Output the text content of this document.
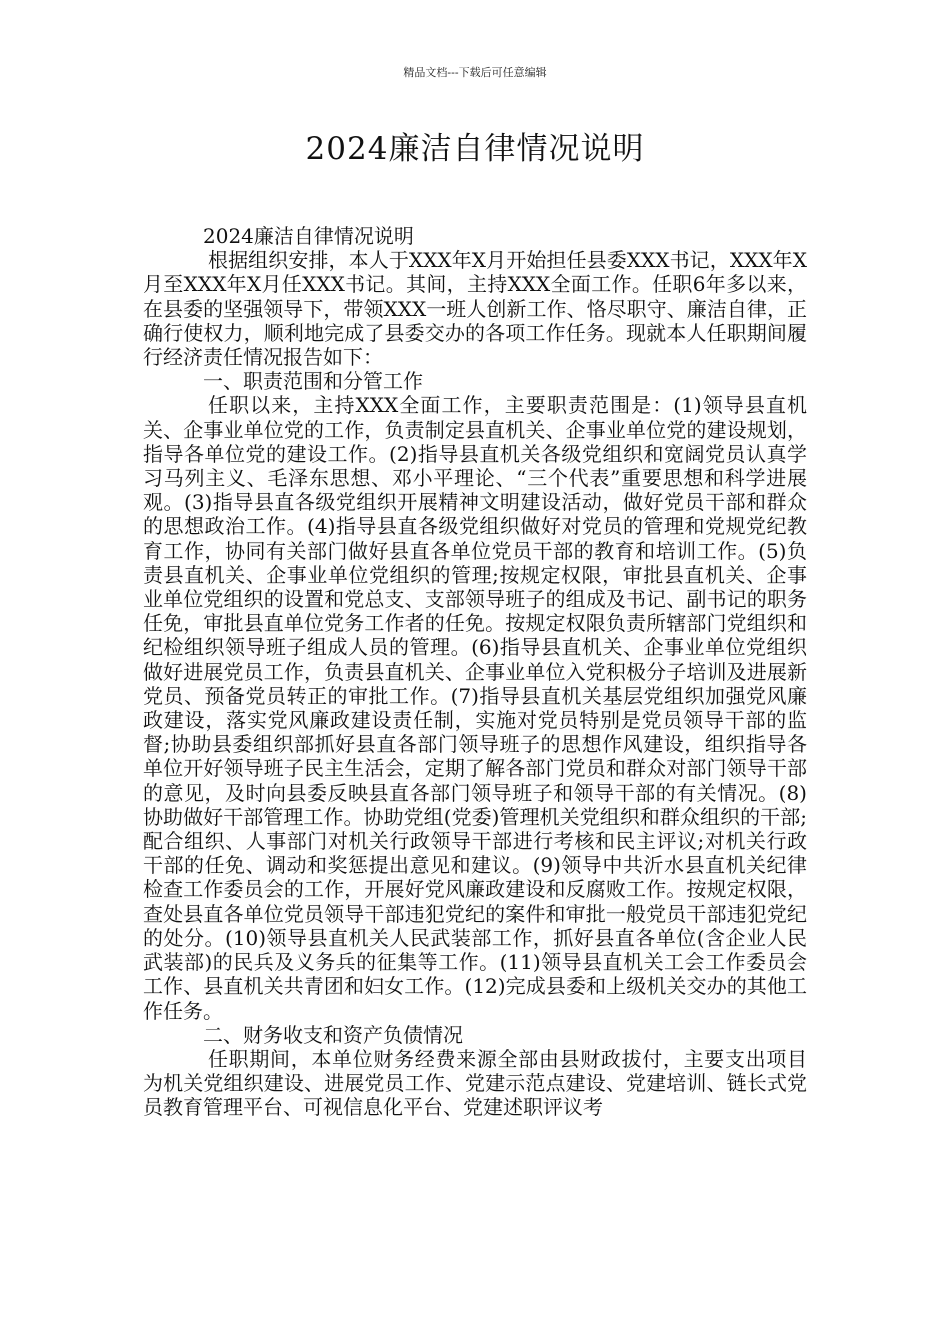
精品文档---下载后可任意编辑
2024廉洁自律情况说明

2024廉洁自律情况说明

根据组织安排，本人于XXX年X月开始担任县委XXX书记，XXX年X月至XXX年X月任XXX书记。其间，主持XXX全面工作。任职6年多以来，在县委的坚强领导下，带领XXX一班人创新工作、恪尽职守、廉洁自律，正确行使权力，顺利地完成了县委交办的各项工作任务。现就本人任职期间履行经济责任情况报告如下：

一、职责范围和分管工作

任职以来，主持XXX全面工作，主要职责范围是：(1)领导县直机关、企事业单位党的工作，负责制定县直机关、企事业单位党的建设规划，指导各单位党的建设工作。(2)指导县直机关各级党组织和宽阔党员认真学习马列主义、毛泽东思想、邓小平理论、“三个代表”重要思想和科学进展观。(3)指导县直各级党组织开展精神文明建设活动，做好党员干部和群众的思想政治工作。(4)指导县直各级党组织做好对党员的管理和党规党纪教育工作，协同有关部门做好县直各单位党员干部的教育和培训工作。(5)负责县直机关、企事业单位党组织的管理;按规定权限，审批县直机关、企事业单位党组织的设置和党总支、支部领导班子的组成及书记、副书记的职务任免，审批县直单位党务工作者的任免。按规定权限负责所辖部门党组织和纪检组织领导班子组成人员的管理。(6)指导县直机关、企事业单位党组织做好进展党员工作，负责县直机关、企事业单位入党积极分子培训及进展新党员、预备党员转正的审批工作。(7)指导县直机关基层党组织加强党风廉政建设，落实党风廉政建设责任制，实施对党员特别是党员领导干部的监督;协助县委组织部抓好县直各部门领导班子的思想作风建设，组织指导各单位开好领导班子民主生活会，定期了解各部门党员和群众对部门领导干部的意见，及时向县委反映县直各部门领导班子和领导干部的有关情况。(8)协助做好干部管理工作。协助党组(党委)管理机关党组织和群众组织的干部;配合组织、人事部门对机关行政领导干部进行考核和民主评议;对机关行政干部的任免、调动和奖惩提出意见和建议。(9)领导中共沂水县直机关纪律检查工作委员会的工作，开展好党风廉政建设和反腐败工作。按规定权限，查处县直各单位党员领导干部违犯党纪的案件和审批一般党员干部违犯党纪的处分。(10)领导县直机关人民武装部工作，抓好县直各单位(含企业人民武装部)的民兵及义务兵的征集等工作。(11)领导县直机关工会工作委员会工作、县直机关共青团和妇女工作。(12)完成县委和上级机关交办的其他工作任务。

二、财务收支和资产负债情况

任职期间，本单位财务经费来源全部由县财政拔付，主要支出项目为机关党组织建设、进展党员工作、党建示范点建设、党建培训、链长式党员教育管理平台、可视信息化平台、党建述职评议考
